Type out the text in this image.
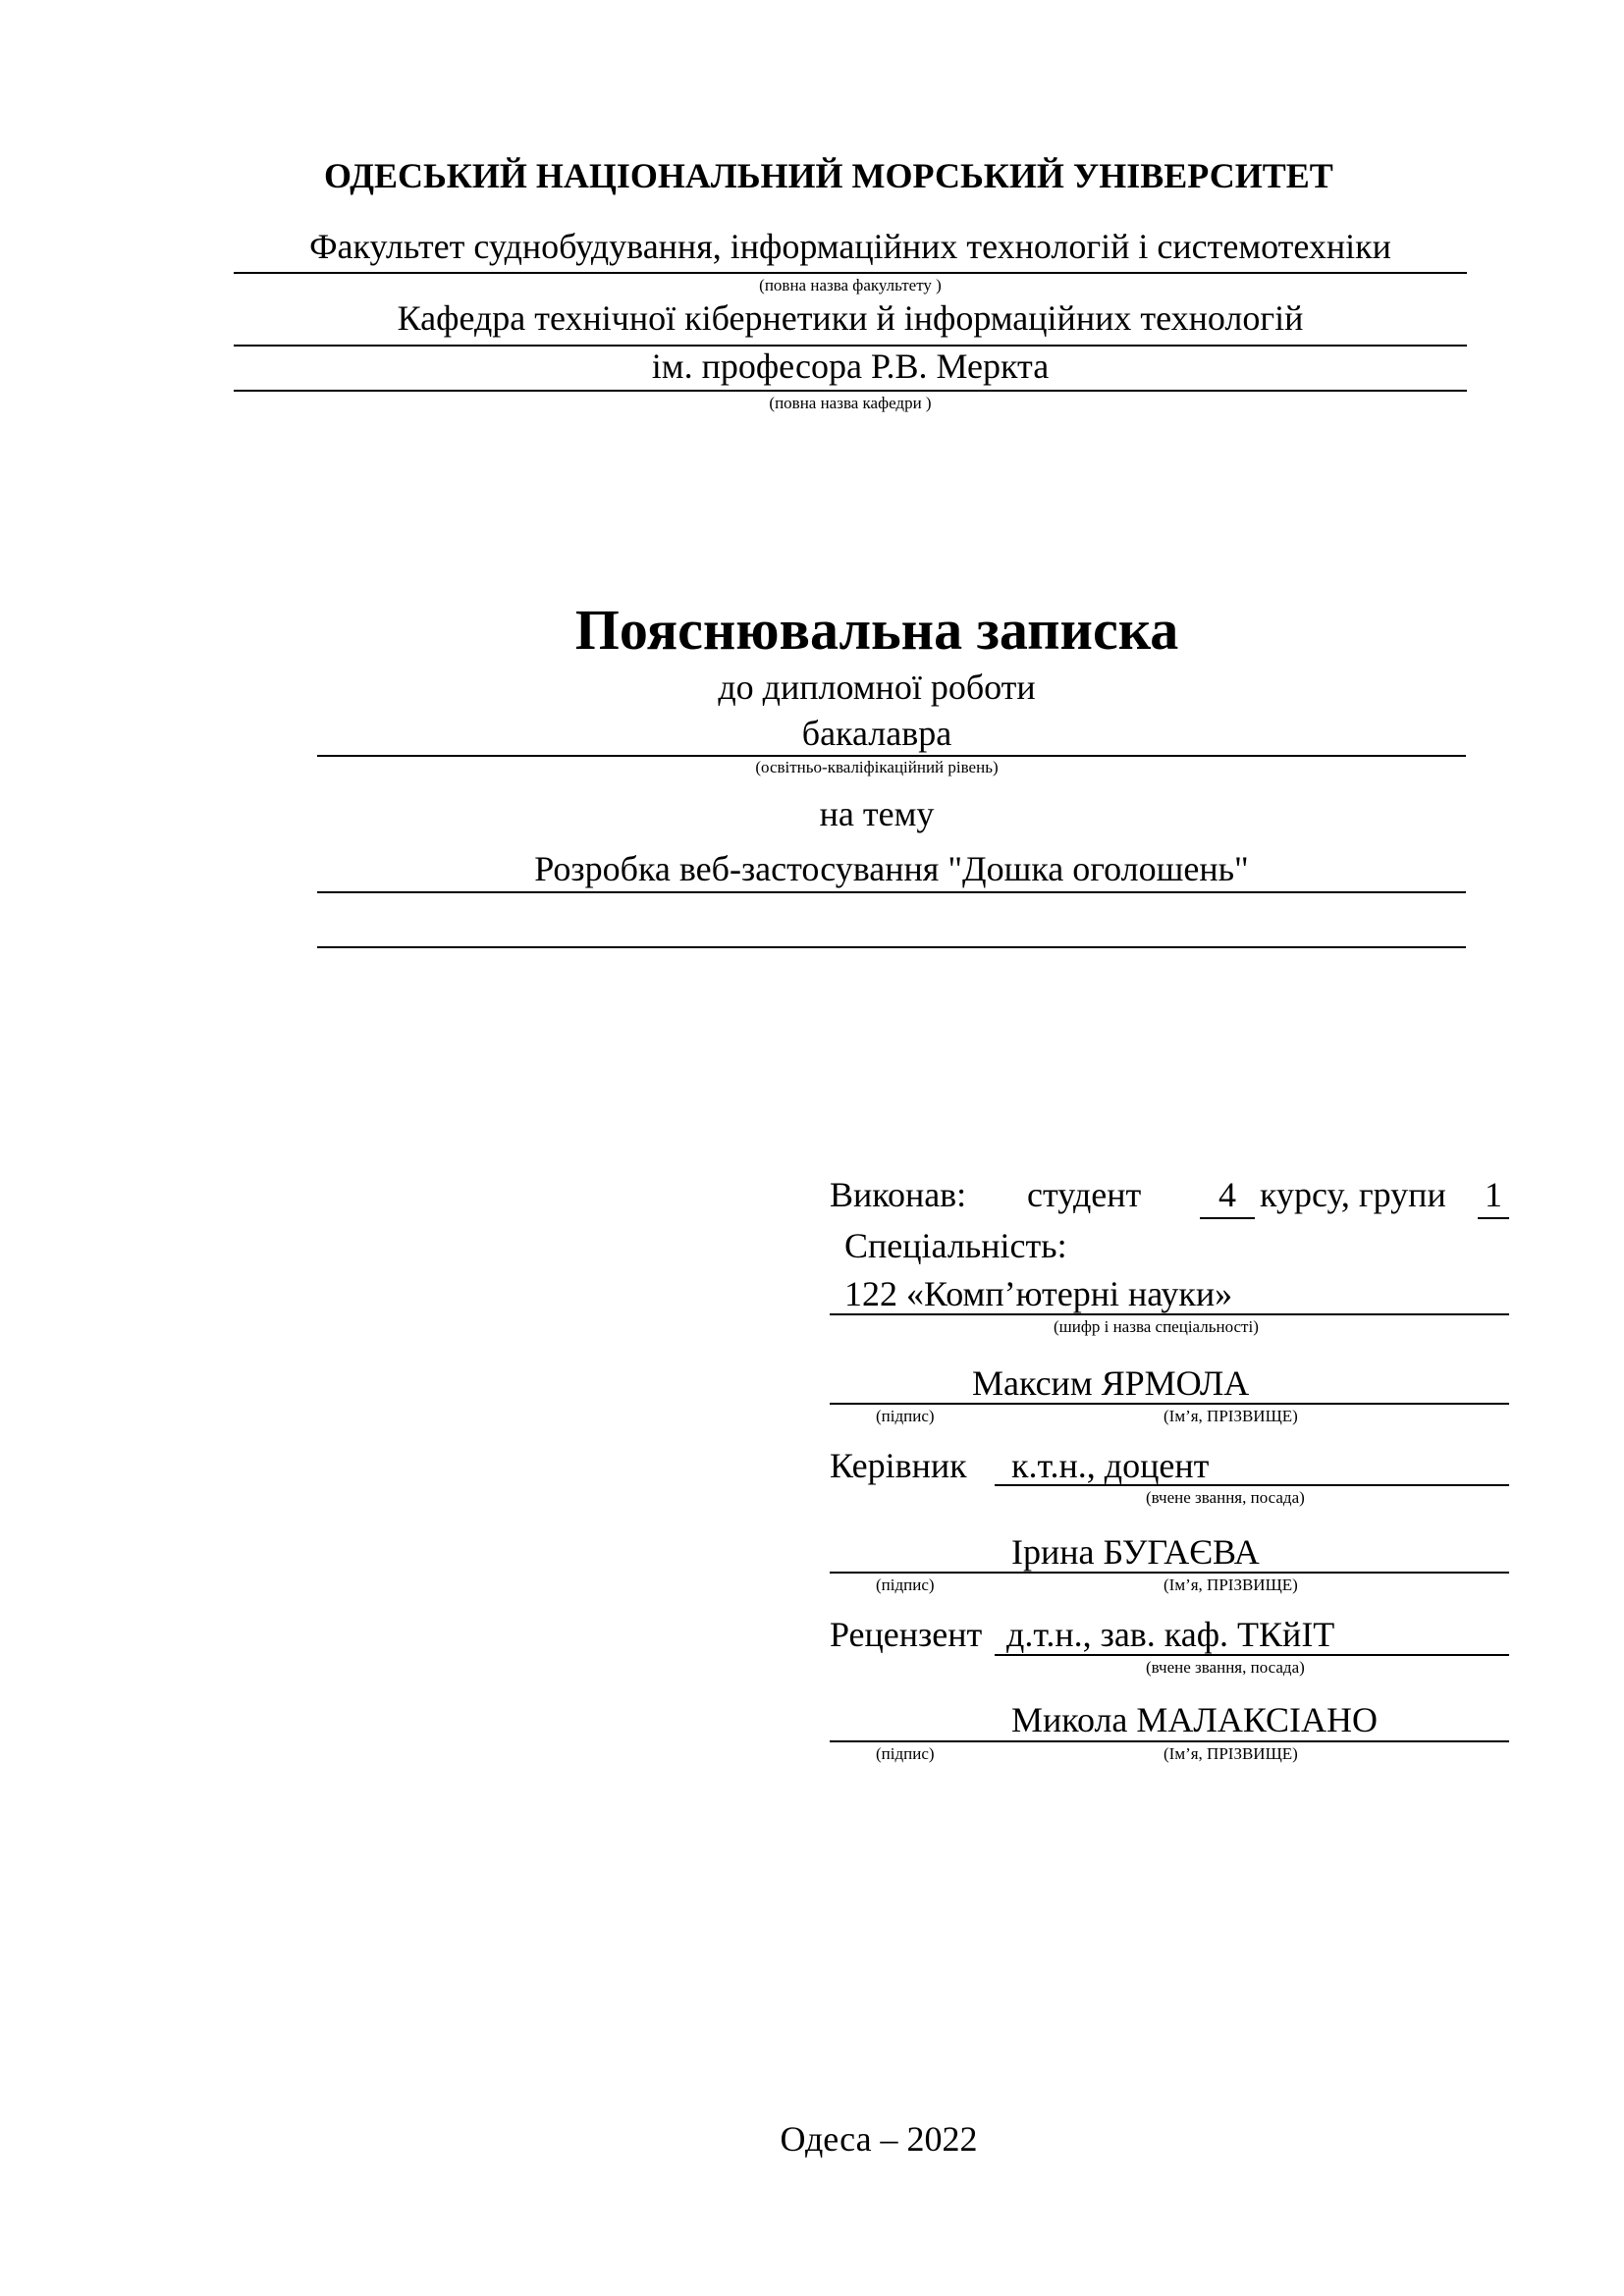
ОДЕСЬКИЙ НАЦІОНАЛЬНИЙ МОРСЬКИЙ УНІВЕРСИТЕТ
Факультет суднобудування, інформаційних технологій і системотехніки
(повна назва факультету )
Кафедра технічної кібернетики й інформаційних технологій
ім. професора Р.В. Меркта
(повна назва кафедри )
Пояснювальна записка
до дипломної роботи
бакалавра
(освітньо-кваліфікаційний рівень)
на тему
Розробка веб-застосування "Дошка оголошень"
Виконав: студент	4 курсу, групи 1
Спеціальність:
122 «Комп’ютерні науки»
(шифр і назва спеціальності)
Максим ЯРМОЛА
(підпис)	(Ім’я, ПРІЗВИЩЕ)
Керівник к.т.н., доцент
(вчене звання, посада)
Ірина БУГАЄВА
(підпис)	(Ім’я, ПРІЗВИЩЕ)
Рецензент д.т.н., зав. каф. ТКйІТ
(вчене звання, посада)
Микола МАЛАКСІАНО
(підпис)	(Ім’я, ПРІЗВИЩЕ)
Одеса – 2022
